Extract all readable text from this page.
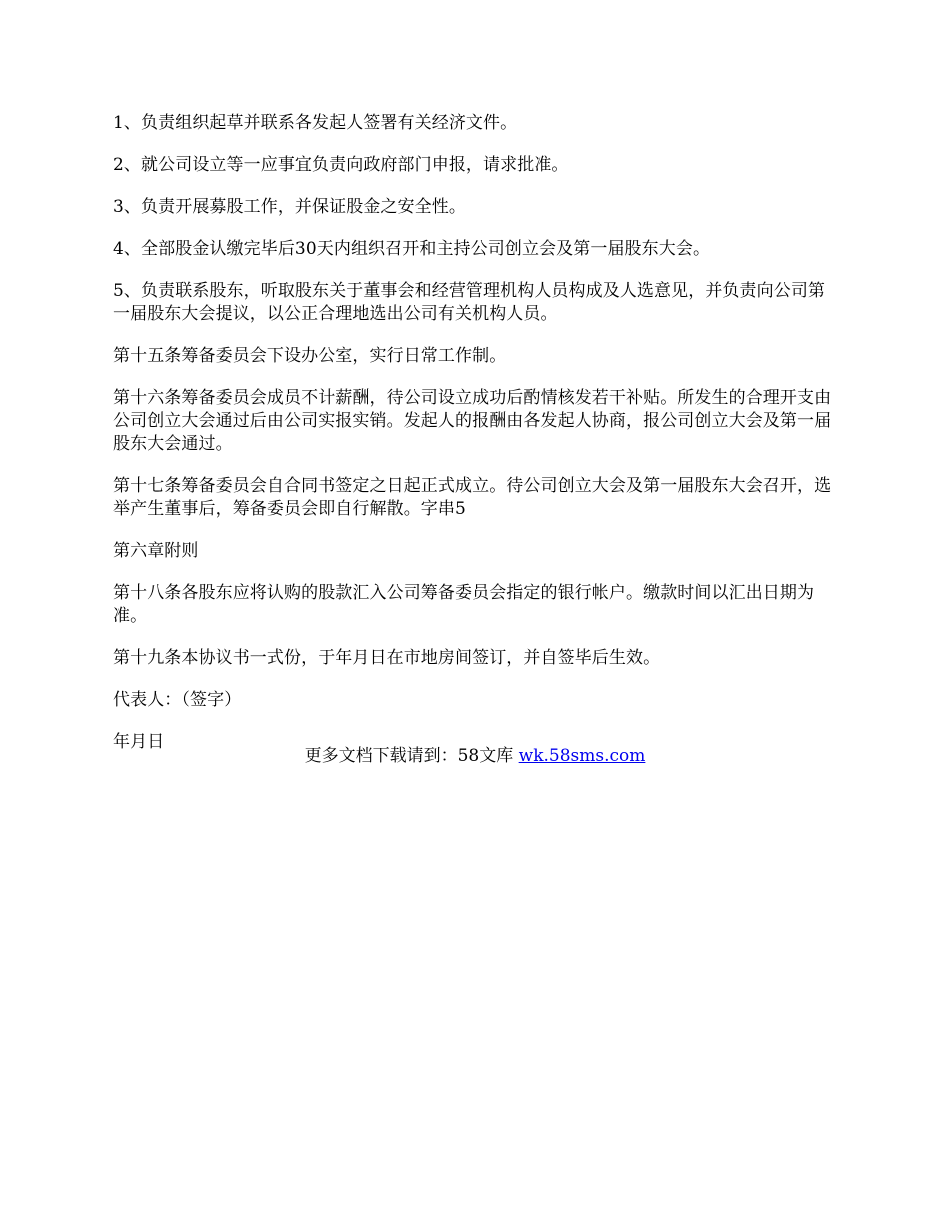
1、负责组织起草并联系各发起人签署有关经济文件。

2、就公司设立等一应事宜负责向政府部门申报，请求批准。

3、负责开展募股工作，并保证股金之安全性。

4、全部股金认缴完毕后30天内组织召开和主持公司创立会及第一届股东大会。

5、负责联系股东，听取股东关于董事会和经营管理机构人员构成及人选意见，并负责向公司第一届股东大会提议，以公正合理地选出公司有关机构人员。

第十五条筹备委员会下设办公室，实行日常工作制。

第十六条筹备委员会成员不计薪酬，待公司设立成功后酌情核发若干补贴。所发生的合理开支由公司创立大会通过后由公司实报实销。发起人的报酬由各发起人协商，报公司创立大会及第一届股东大会通过。

第十七条筹备委员会自合同书签定之日起正式成立。待公司创立大会及第一届股东大会召开，选举产生董事后，筹备委员会即自行解散。字串5

第六章附则

第十八条各股东应将认购的股款汇入公司筹备委员会指定的银行帐户。缴款时间以汇出日期为准。

第十九条本协议书一式份，于年月日在市地房间签订，并自签毕后生效。

代表人：（签字）

年月日

更多文档下载请到：58文库 wk.58sms.com
